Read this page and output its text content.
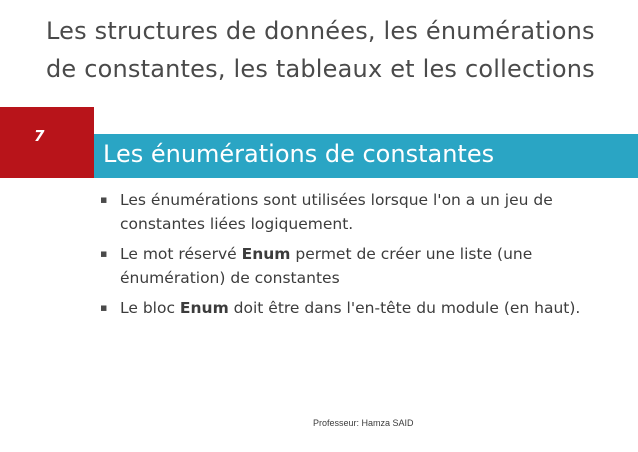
Les structures de données, les énumérations
de constantes, les tableaux et les collections
7
Les énumérations de constantes
▪ Les énumérations sont utilisées lorsque l'on a un jeu de constantes liées logiquement.
▪ Le mot réservé Enum permet de créer une liste (une énumération) de constantes
▪ Le bloc Enum doit être dans l'en-tête du module (en haut).
Professeur: Hamza SAID
